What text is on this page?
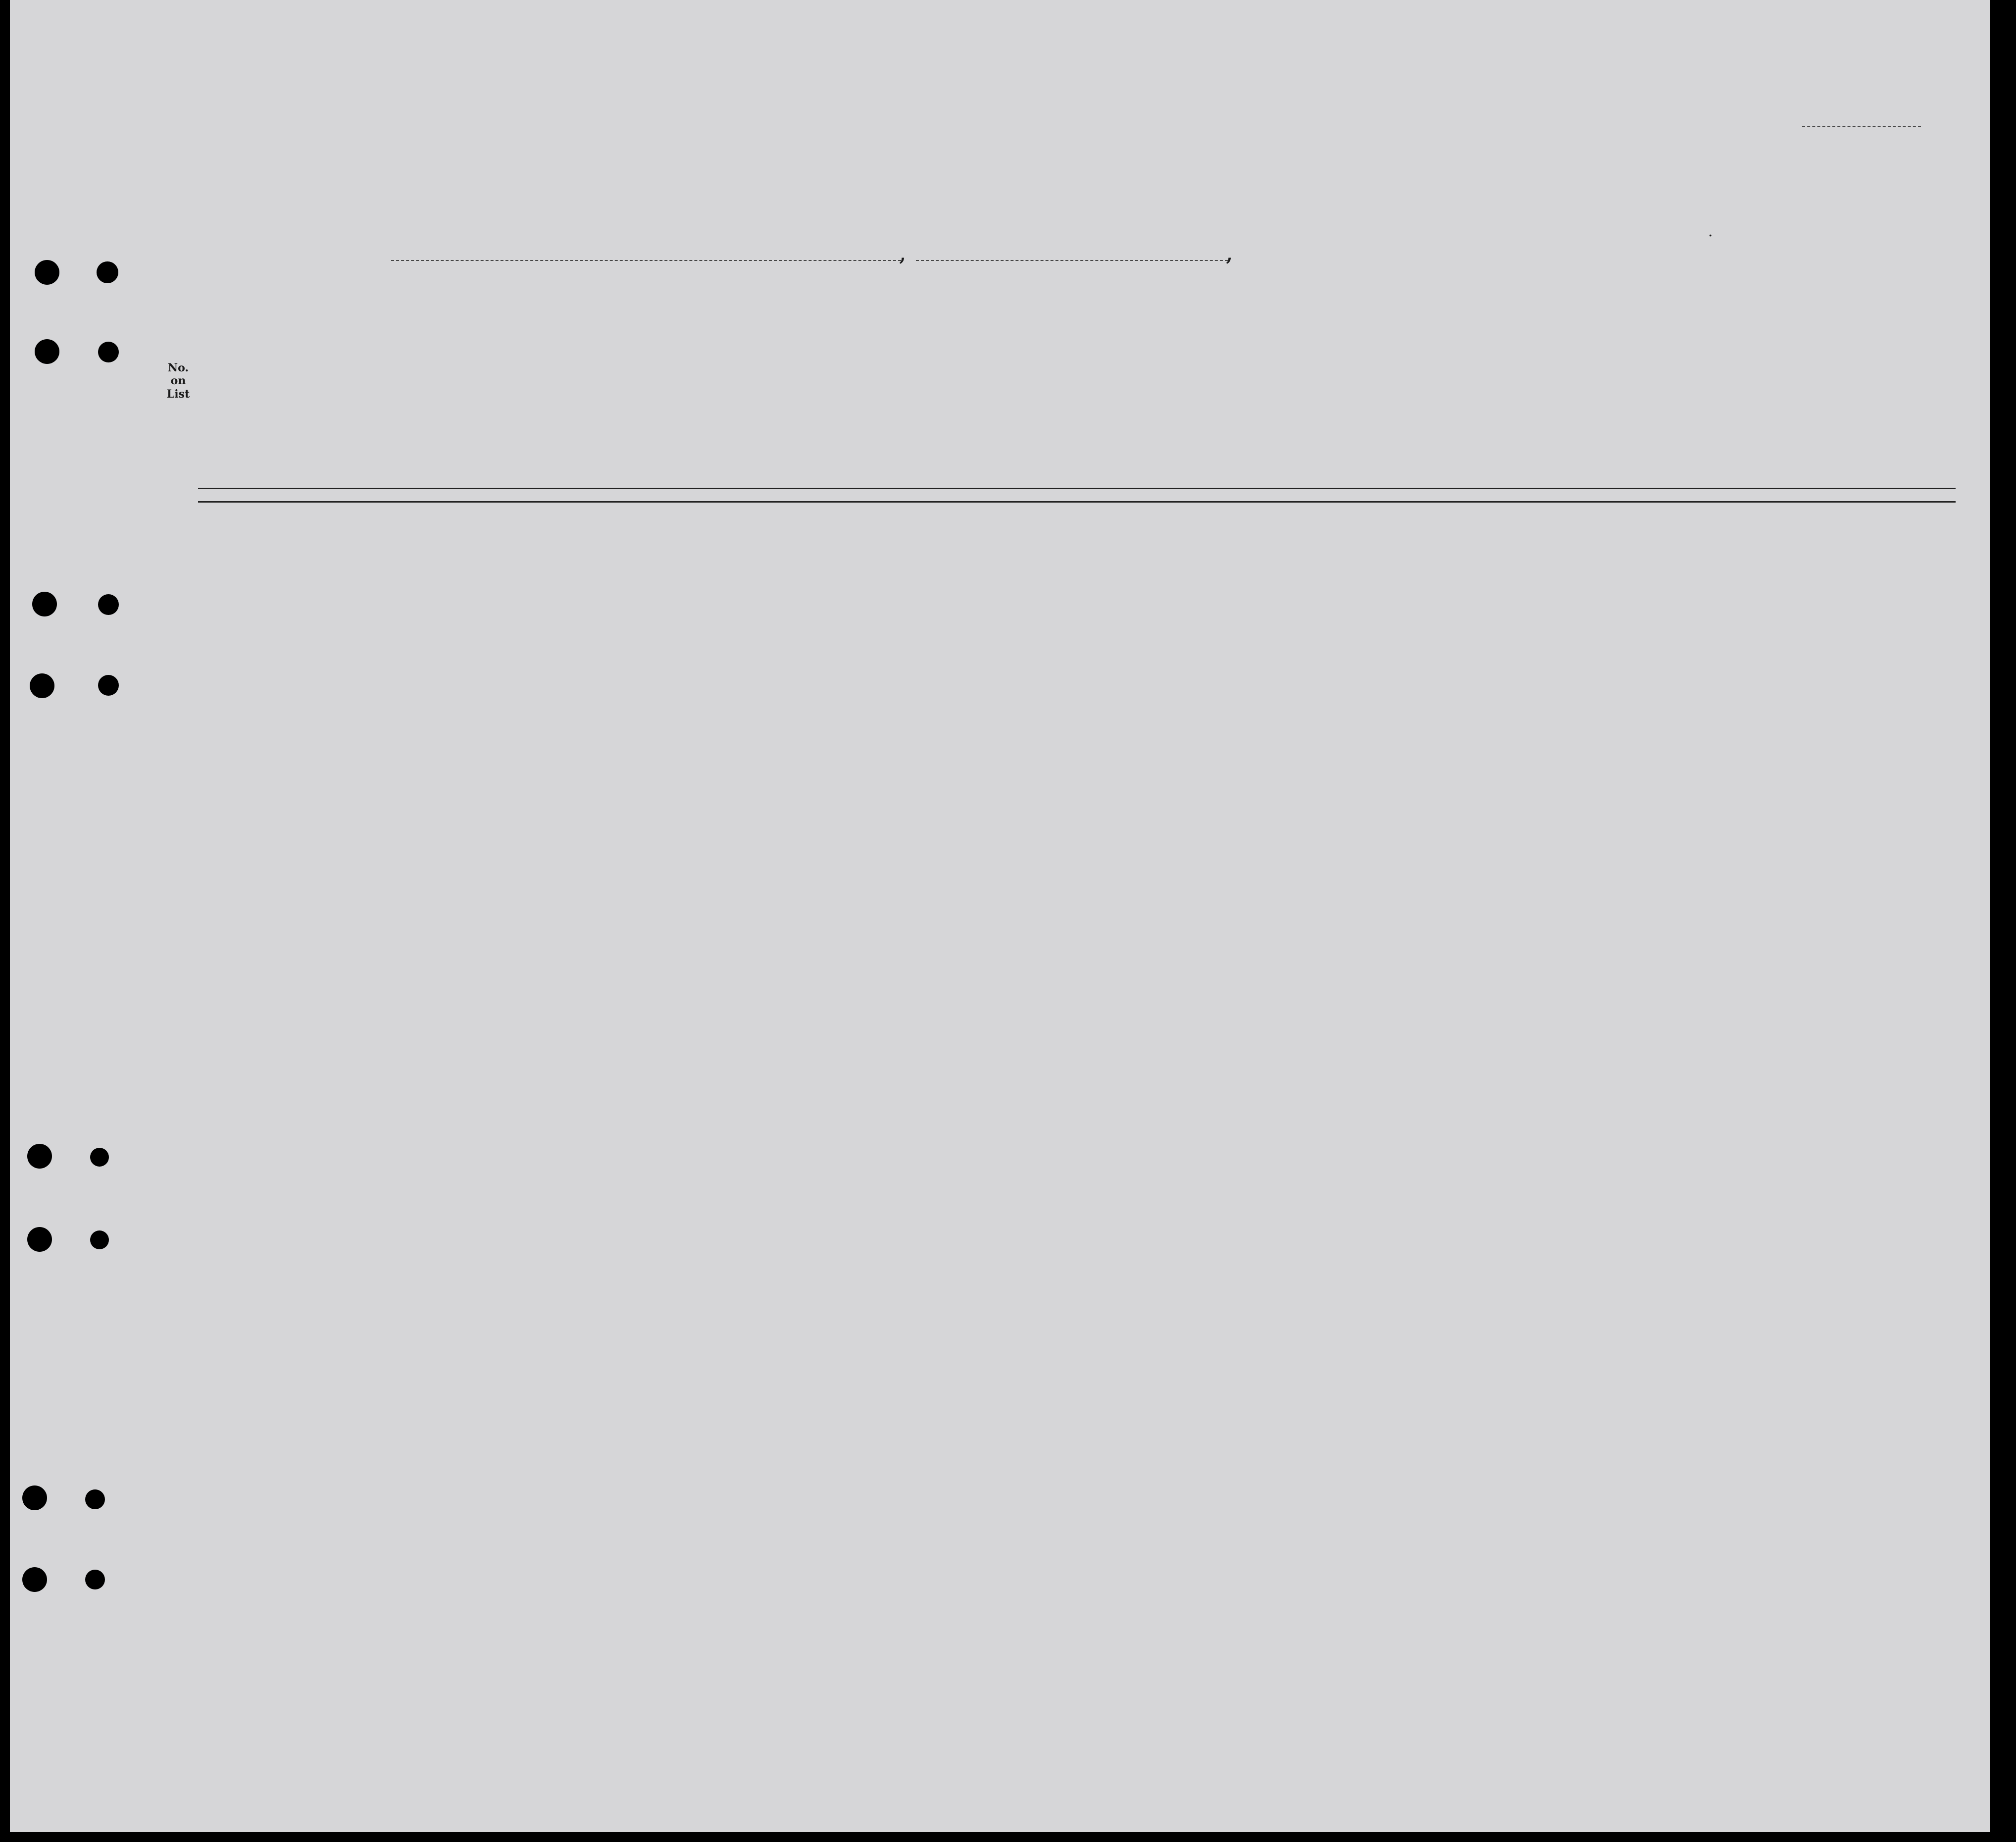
,	,
.
No.
on
List
